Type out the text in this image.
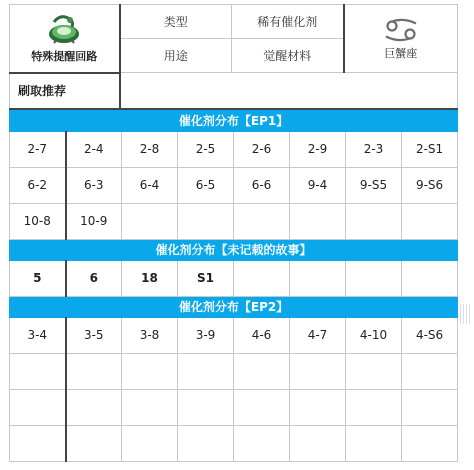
特殊提醒回路	类型	稀有催化剂	巨蟹座

	用途	觉醒材料	
刷取推荐			
催化剂分布【EP1】							
2-7	2-4	2-8	2-5	2-6	2-9	2-3	2-S1
6-2	6-3	6-4	6-5	6-6	9-4	9-S5	9-S6
10-8	10-9						
催化剂分布【未记载的故事】							
5	6	18	S1				
催化剂分布【EP2】							
3-4	3-5	3-8	3-9	4-6	4-7	4-10	4-S6
